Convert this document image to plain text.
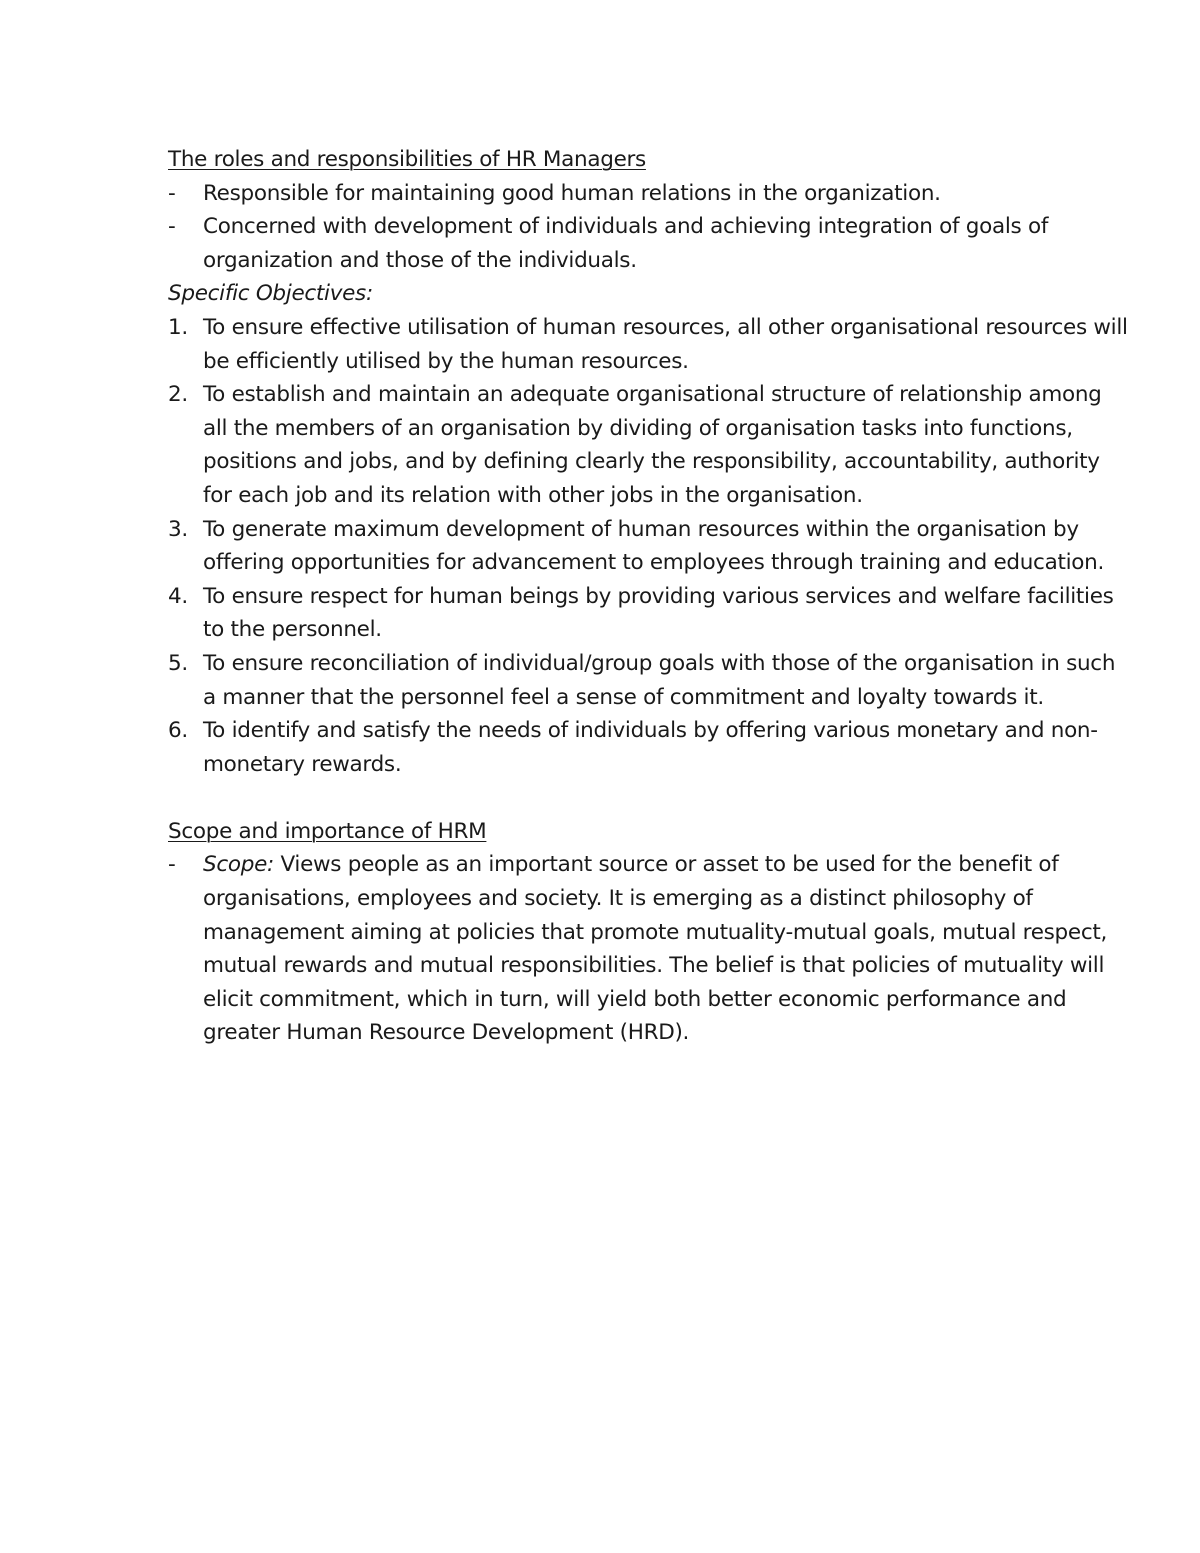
The roles and responsibilities of HR Managers
-	Responsible for maintaining good human relations in the organization.
-	Concerned with development of individuals and achieving integration of goals of organization and those of the individuals.
Specific Objectives:
1. To ensure effective utilisation of human resources, all other organisational resources will be efficiently utilised by the human resources.
2. To establish and maintain an adequate organisational structure of relationship among all the members of an organisation by dividing of organisation tasks into functions, positions and jobs, and by defining clearly the responsibility, accountability, authority for each job and its relation with other jobs in the organisation.
3. To generate maximum development of human resources within the organisation by offering opportunities for advancement to employees through training and education.
4. To ensure respect for human beings by providing various services and welfare facilities to the personnel.
5. To ensure reconciliation of individual/group goals with those of the organisation in such a manner that the personnel feel a sense of commitment and loyalty towards it.
6. To identify and satisfy the needs of individuals by offering various monetary and non-monetary rewards.
Scope and importance of HRM
-	Scope: Views people as an important source or asset to be used for the benefit of organisations, employees and society. It is emerging as a distinct philosophy of management aiming at policies that promote mutuality-mutual goals, mutual respect, mutual rewards and mutual responsibilities. The belief is that policies of mutuality will elicit commitment, which in turn, will yield both better economic performance and greater Human Resource Development (HRD).
